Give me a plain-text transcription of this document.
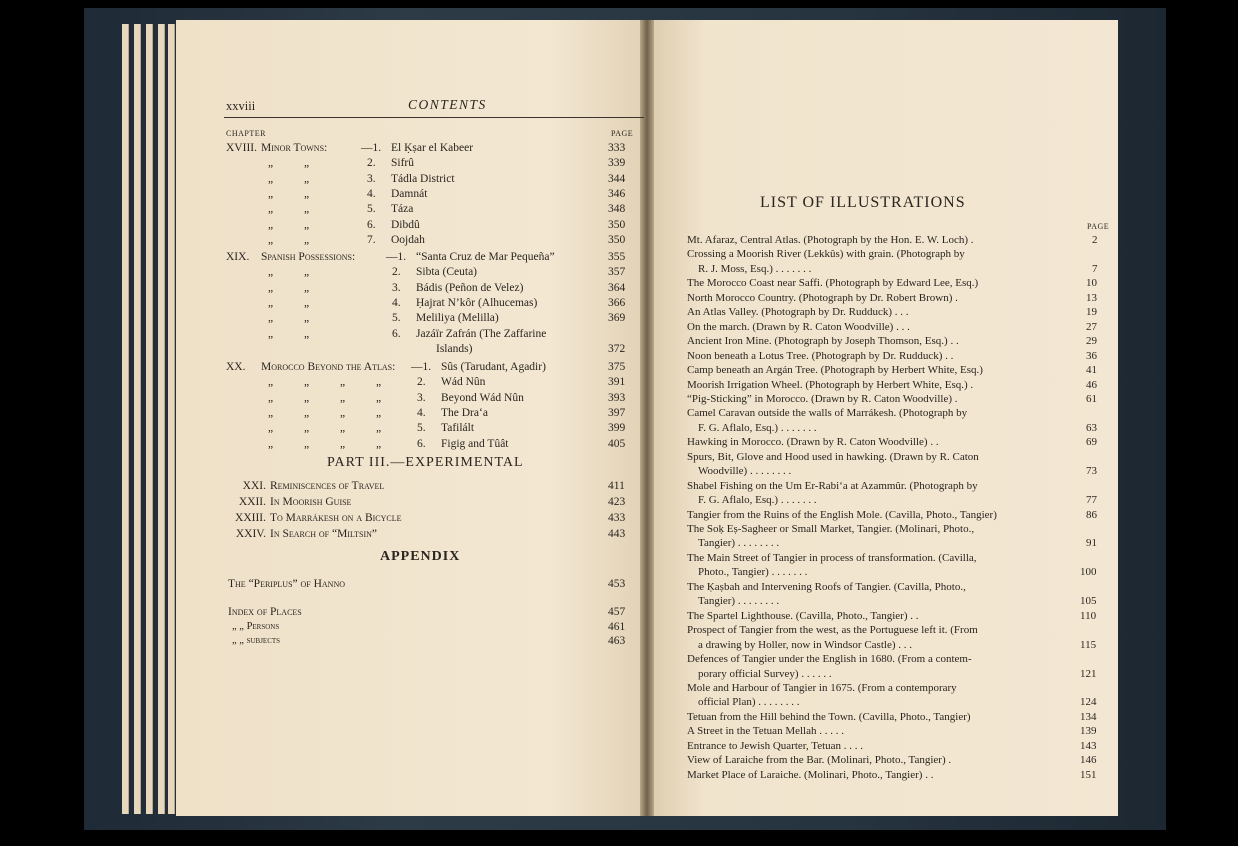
xxviii	CONTENTS
CHAPTER	PAGE
XVIII. Minor Towns:	—1. El Ḳṣar el Kabeer	333
„ „	2. Sifrû	339
„ „	3. Tádla District	344
„ „	4. Damnát	346
„ „	5. Táza	348
„ „	6. Dibdû	350
„ „	7. Oojdah	350
XIX. Spanish Possessions:	—1. “Santa Cruz de Mar Pequeña”	355
„ „	2. Sibta (Ceuta)	357
„ „	3. Bádis (Peñon de Velez)	364
„ „	4. Ḥajrat N’kôr (Alhucemas)	366
„ „	5. Meliliya (Melilla)	369
„ „	6. Jazáïr Zafrán (The Zaffarine
Islands)	372
XX. Morocco Beyond the Atlas: —1. Sûs (Tarudant, Agadir)	375
„ „ „ „ 2. Wád Nûn	391
„ „ „ „ 3. Beyond Wád Nûn	393
„ „ „ „ 4. The Dra‘a	397
„ „ „ „ 5. Tafilált	399
„ „ „ „ 6. Figig and Tûât	405
PART III.—EXPERIMENTAL
XXI. Reminiscences of Travel	411
XXII. In Moorish Guise	423
XXIII. To Marrákesh on a Bicycle	433
XXIV. In Search of “Miltsin”	443
APPENDIX
The “Periplus” of Hanno	453
Index of Places	457
„ „ Persons	461
„ „ subjects	463
LIST OF ILLUSTRATIONS
PAGE
Mt. Afaraz, Central Atlas. (Photograph by the Hon. E. W. Loch) .	2
Crossing a Moorish River (Lekkûs) with grain. (Photograph by
R. J. Moss, Esq.) . . . . . . .	7
The Morocco Coast near Saffi. (Photograph by Edward Lee, Esq.)	10
North Morocco Country. (Photograph by Dr. Robert Brown) .	13
An Atlas Valley. (Photograph by Dr. Rudduck) . . .	19
On the march. (Drawn by R. Caton Woodville) . . .	27
Ancient Iron Mine. (Photograph by Joseph Thomson, Esq.) . .	29
Noon beneath a Lotus Tree. (Photograph by Dr. Rudduck) . .	36
Camp beneath an Argán Tree. (Photograph by Herbert White, Esq.)	41
Moorish Irrigation Wheel. (Photograph by Herbert White, Esq.) .	46
“Pig-Sticking” in Morocco. (Drawn by R. Caton Woodville) .	61
Camel Caravan outside the walls of Marrákesh. (Photograph by
F. G. Aflalo, Esq.) . . . . . . .	63
Hawking in Morocco. (Drawn by R. Caton Woodville) . .	69
Spurs, Bit, Glove and Hood used in hawking. (Drawn by R. Caton
Woodville) . . . . . . . .	73
Shabel Fishing on the Um Er-Rabi‘a at Azammûr. (Photograph by
F. G. Aflalo, Esq.) . . . . . . .	77
Tangier from the Ruins of the English Mole. (Cavilla, Photo., Tangier)	86
The Soḳ Eṣ-Sagheer or Small Market, Tangier. (Molinari, Photo.,
Tangier) . . . . . . . .	91
The Main Street of Tangier in process of transformation. (Cavilla,
Photo., Tangier) . . . . . . .	100
The Ḳaṣbah and Intervening Roofs of Tangier. (Cavilla, Photo.,
Tangier) . . . . . . . .	105
The Spartel Lighthouse. (Cavilla, Photo., Tangier) . .	110
Prospect of Tangier from the west, as the Portuguese left it. (From
a drawing by Holler, now in Windsor Castle) . . .	115
Defences of Tangier under the English in 1680. (From a contem-
porary official Survey) . . . . . .	121
Mole and Harbour of Tangier in 1675. (From a contemporary
official Plan) . . . . . . . .	124
Tetuan from the Hill behind the Town. (Cavilla, Photo., Tangier)	134
A Street in the Tetuan Mellah . . . . .	139
Entrance to Jewish Quarter, Tetuan . . . .	143
View of Laraiche from the Bar. (Molinari, Photo., Tangier) .	146
Market Place of Laraiche. (Molinari, Photo., Tangier) . .	151
